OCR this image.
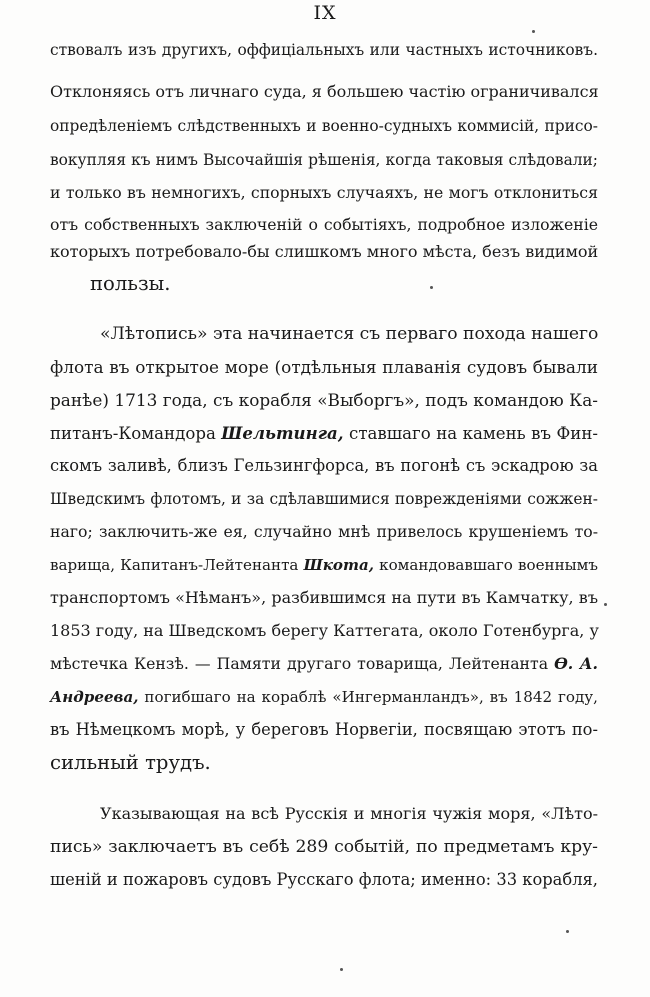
IX
ствовалъ изъ другихъ, оффиціальныхъ или частныхъ источниковъ.
Отклоняясь отъ личнаго суда, я большею частію ограничивался
опредѣленіемъ слѣдственныхъ и военно-судныхъ коммисій, присо-
вокупляя къ нимъ Высочайшія рѣшенія, когда таковыя слѣдовали;
и только въ немногихъ, спорныхъ случаяхъ, не могъ отклониться
отъ собственныхъ заключеній о событіяхъ, подробное изложеніе
которыхъ потребовало-бы слишкомъ много мѣста, безъ видимой
пользы.
«Лѣтопись» эта начинается съ перваго похода нашего
флота въ открытое море (отдѣльныя плаванія судовъ бывали
ранѣе) 1713 года, съ корабля «Выборгъ», подъ командою Ка-
питанъ-Командора Шельтинга, ставшаго на камень въ Фин-
скомъ заливѣ, близъ Гельзингфорса, въ погонѣ съ эскадрою за
Шведскимъ флотомъ, и за сдѣлавшимися поврежденіями сожжен-
наго; заключить-же ея, случайно мнѣ привелось крушеніемъ то-
варища, Капитанъ-Лейтенанта Шкота, командовавшаго военнымъ
транспортомъ «Нѣманъ», разбившимся на пути въ Камчатку, въ
1853 году, на Шведскомъ берегу Каттегата, около Готенбурга, у
мѣстечка Кензѣ. — Памяти другаго товарища, Лейтенанта Ѳ. А.
Андреева, погибшаго на кораблѣ «Ингерманландъ», въ 1842 году,
въ Нѣмецкомъ морѣ, у береговъ Норвегіи, посвящаю этотъ по-
сильный трудъ.
Указывающая на всѣ Русскія и многія чужія моря, «Лѣто-
пись» заключаетъ въ себѣ 289 событій, по предметамъ кру-
шеній и пожаровъ судовъ Русскаго флота; именно: 33 корабля,
